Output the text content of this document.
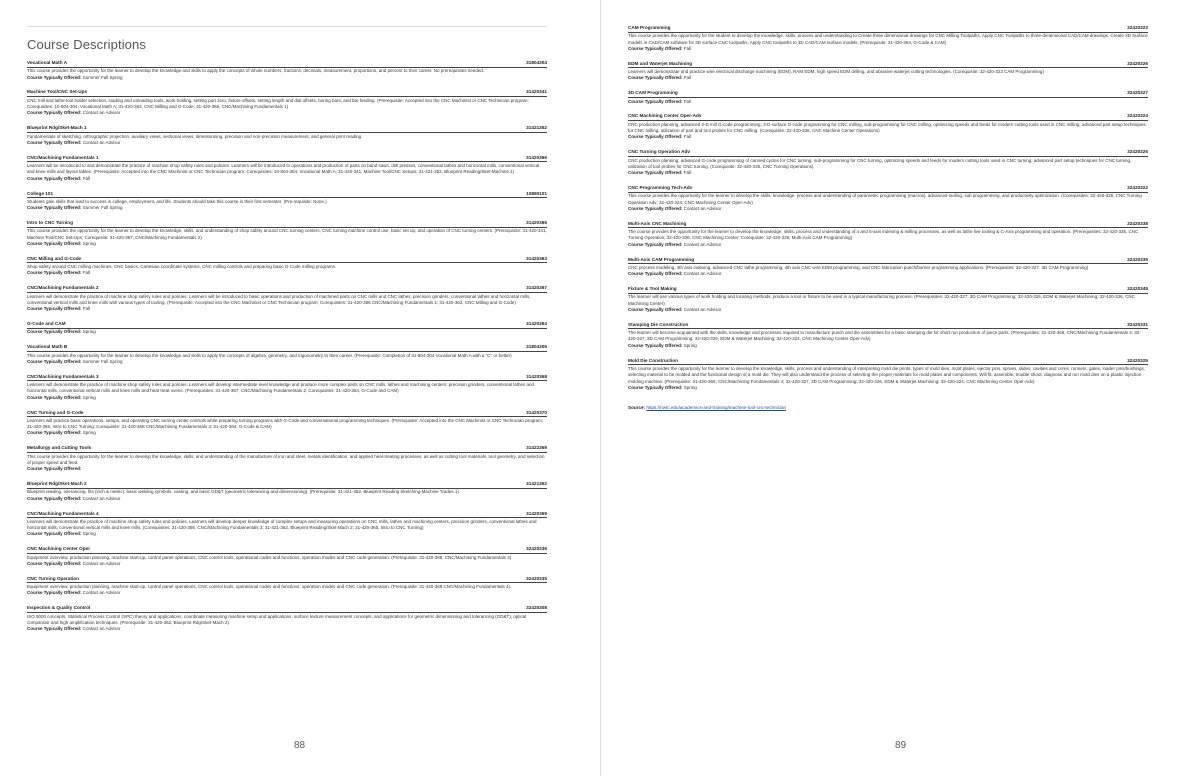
Course Descriptions
Vocational Math A	31804304
This course provides the opportunity for the learner to develop the knowledge and skills to apply the concepts of whole numbers, fractions, decimals, measurement, proportions, and percent to their career. No prerequisites needed.
Course Typically Offered: Summer Fall Spring
Machine Tool/CNC Set-Ups	31420341
CNC mill and lathe-tool holder selection, loading and unloading tools, work holding, setting part zero, fixture offsets, setting length and dial offsets, boring bars, and bar feeding. (Prerequisite: Accepted into the CNC Machinist or CNC Technician program; Corequisites: 10-804-304, Vocational Math A; 31-420-363, CNC Milling and G-Code; 31-420-366, CNC/Machining Fundamentals 1)
Course Typically Offered: Contact an Advisor
Blueprint Rdg/Sket-Mach 1	31421352
Fundamentals of sketching, orthographic projection, auxiliary views, sectional views, dimensioning, precision and non-precision measurement, and general print reading.
Course Typically Offered: Contact an Advisor
CNC/Machining Fundamentals 1	31420366
Learners will be introduced to and demonstrate the practice of machine shop safety rules and policies. Learners will be introduced to operations and production of parts on band saws, drill presses, conventional lathes and horizontal mills, conventional vertical and knee mills and layout tables. (Prerequisite: Accepted into the CNC Machinist or CNC Technician program; Corequisites: 10-804-304, Vocational Math A; 31-420-341, Machine Tool/CNC Setups; 31-421-352, Blueprint Reading/Sket-Machine 1)
Course Typically Offered: Fall
College 101	10890101
Students gain skills that lead to success in college, employment, and life. Students should take this course in their first semester. (Pre-requisite: None.)
Course Typically Offered: Summer Fall Spring
Intro to CNC Turning	31420365
This course provides the opportunity for the learner to develop the knowledge, skills, and understanding of shop safety around CNC turning centers, CNC turning machine control use, basic set up, and operation of CNC turning centers. (Prerequisite: 31-420-341, Machine Tool/CNC Set-Ups; Corequisite: 31-420-367, CNC/Machining Fundamentals 2)
Course Typically Offered: Spring
CNC Milling and G-Code	31420363
Shop safety around CNC milling machines, CNC basics, Cartesian coordinate systems, CNC milling controls and preparing basic G-Code milling programs.
Course Typically Offered: Fall
CNC/Machining Fundamentals 2	31420367
Learners will demonstrate the practice of machine shop safety rules and policies. Learners will be introduced to basic operations and production of machined parts on CNC mills and CNC lathes, precision grinders, conventional lathes and horizontal mills, conventional vertical mills and knee mills with various types of tooling. (Prerequisite: Accepted into the CNC Machinist or CNC Technician program; Corequisites: 31-420-366 CNC/Machining Fundamentals 1; 31-420-363, CNC Milling and G-Code)
Course Typically Offered: Fall
G-Code and CAM	31420364
Course Typically Offered: Spring
Vocational Math B	31804305
This course provides the opportunity for the learner to develop the knowledge and skills to apply the concepts of algebra, geometry, and trigonometry to their career. (Prerequisite: Completion of 31-804-304 Vocational Math A with a "C" or better)
Course Typically Offered: Summer Fall Spring
CNC/Machining Fundamentals 3	31420368
Learners will demonstrate the practice of machine shop safety rules and policies. Learners will develop intermediate level knowledge and produce more complex parts on CNC mills, lathes and machining centers; precision grinders, conventional lathes and horizontal mills, conventional vertical mills and knee mills and heat treat ovens. (Prerequisites: 31-420-367, CNC/Machining Fundamentals 2; Corequisites: 31-420-364, G-Code and CAM)
Course Typically Offered: Spring
CNC Turning and G-Code	31420370
Learners will practice basic operations, setups, and operating CNC turning center controls while preparing turning programs with G-Code and conversational programming techniques. (Prerequisite: Accepted into the CNC Machinist or CNC Technician program; 31-420-365, Intro to CNC Turning; Corequisite: 31-420-368 CNC/Machining Fundamentals 3; 31-420-364, G-Code & CAM)
Course Typically Offered: Spring
Metallurgy and Cutting Tools	31422359
This course provides the opportunity for the learner to develop the knowledge, skills, and understanding of the manufacture of iron and steel, metals identification, and applied heat-treating processes, as well as cutting tool materials, tool geometry, and selection of proper speed and feed.
Course Typically Offered:
Blueprint Rdg/Sket-Mach 2	31421362
Blueprint reading, tolerancing, fits (inch & metric), basic welding symbols, casting, and basic GD&T (geometric tolerancing and dimensioning). (Prerequisite: 31-421-352, Blueprint Reading Sketching-Machine Trades 1)
Course Typically Offered: Contact an Advisor
CNC/Machining Fundamentals 4	31420369
Learners will demonstrate the practice of machine shop safety rules and policies. Learners will develop deeper knowledge of complex setups and measuring operations on CNC mills, lathes and machining centers, precision grinders, conventional lathes and horizontal mills, conventional vertical mills and knee mills. (Corequisites: 31-420-368, CNC/Machining Fundamentals 3; 31-421-362, Blueprint Reading/Sket-Mach 2; 31-420-365, Intro to CNC Turning)
Course Typically Offered: Spring
CNC Machining Center Oper	32420336
Equipment overview, production planning, machine start-up, control panel operations, CNC control tools, operational codes and functions, operation modes and CNC code generation. (Prerequisite: 31-420-369, CNC/Machining Fundamentals 4)
Course Typically Offered: Contact an Advisor
CNC Turning Operation	32420335
Equipment overview, production planning, machine start-up, control panel operations, CNC control tools, operational codes and functions, operation modes and CNC code generation. (Prerequisite: 31-420-369 CNC/Machining Fundamentals 4).
Course Typically Offered: Contact an Advisor
Inspection & Quality Control	32420308
ISO 9000 concepts, Statistical Process Control (SPC) theory and applications, coordinate measuring machine setup and applications, surface texture measurement concepts, and applications for geometric dimensioning and tolerancing (GD&T), optical comparator and high amplification techniques. (Prerequisite: 31-420-362, Blueprint Rdg/Sket-Mach 2)
Course Typically Offered: Contact an Advisor
88
CAM Programming	32420323
This course provides the opportunity for the student to develop the knowledge, skills, process and understanding to Create three dimensional drawings for CNC Milling Toolpaths, Apply CNC Toolpaths to three-dimensional CAD/CAM drawings, Create 3D Surface models in CAD/CAM software for 3D surface CNC toolpaths, Apply CNC toolpaths to 3D CAD/CAM surface models. (Prerequisite: 31-420-364, G-Code & CAM)
Course Typically Offered: Fall
EDM and Waterjet Machining	32420326
Learners will demonstrate and practice wire electrical discharge machining (EDM), RAM EDM, high speed EDM drilling, and abrasive waterjet cutting technologies. (Corequisite: 32-420-323 CAM Programming)
Course Typically Offered: Fall
3D CAM Programming	32420327
Course Typically Offered: Fall
CNC Machining Center Oper-Adv	32420324
CNC production planning, advanced 2-D mill G-code programming, 3-D surface G-code programming for CNC milling, sub-programming for CNC milling, optimizing speeds and feeds for modern cutting tools used in CNC milling, advanced part setup techniques for CNC milling, utilization of part and tool probes for CNC milling. (Corequisite: 32-420-336, CNC Machine Center Operations)
Course Typically Offered: Fall
CNC Turning Operation Adv	32420325
CNC production planning, advanced G-code programming of canned cycles for CNC turning, sub-programming for CNC turning, optimizing speeds and feeds for modern cutting tools used in CNC turning, advanced part setup techniques for CNC turning, utilization of tool probes for CNC turning. (Corequisite: 32-420-335, CNC Turning Operations)
Course Typically Offered: Fall
CNC Programming Tech-Adv	32420322
This course provides the opportunity for the learner to develop the skills, knowledge, process and understanding of parametric programming (macros), advanced tooling, sub programming, and productivity optimization. (Corequisites: 32-420-325, CNC Turning Operation Adv; 32-420-324, CNC Machining Center Oper-Adv)
Course Typically Offered: Contact an Advisor
Multi-Axis CNC Machining	32420338
The course provides the opportunity for the learner to develop the knowledge, skills, process and understanding of 4 and 5-axis indexing & milling processes, as well as lathe live tooling & C-Axis programming and operation. (Prerequisites: 32-420-335, CNC Turning Operation; 32-420-336, CNC Machining Center; Corequisite: 32-420-328, Multi-Axis CAM Programming)
Course Typically Offered: Contact an Advisor
Multi-Axis CAM Programming	32420335
CNC process modeling, 4th axis indexing, advanced CNC lathe programming, 4th axis CNC wire EDM programming, and CNC fabrication punch/burner programming applications. (Prerequisites: 32-420-327, 3D CAM Programming)
Course Typically Offered: Contact an Advisor
Fixture & Tool Making	32420345
The learner will use various types of work holding and locating methods, produce a tool or fixture to be used in a typical manufacturing process. (Prerequisites: 32-420-327, 3D CAM Programming; 32-420-326, EDM & Waterjet Machining; 32-420-336, CNC Machining Center)
Course Typically Offered: Contact an Advisor
Stamping Die Construction	32420331
The learner will become acquainted with the skills, knowledge and processes required to manufacture punch and die assemblies for a basic stamping die for short run production of piece parts. (Prerequisites: 31-420-366, CNC/Machining Fundamentals 4; 32-420-327, 3D CAM Programming; 32-420-326, EDM & Waterjet Machining; 32-420-324, CNC Machining Center Oper-Adv)
Course Typically Offered: Spring
Mold Die Construction	32420325
This course provides the opportunity for the learner to develop the knowledge, skills, process and understanding of interpreting mold die prints, types of mold dies, mold plates, ejector pins, sprues, slides, cavities and cores, runners, gates, loader pins/bushings, selecting material to be molded and the functional design of a mold die. They will also understand the process of selecting the proper materials for mold plates and components. Will fit, assemble, trouble shoot, diagnose and run mold dies on a plastic injection molding machine. (Prerequisite: 31-420-366, CNC/Machining Fundamentals 4; 32-420-327, 3D CAM Programming; 32-420-326, EDM & Waterjet Machining; 32-420-324, CNC Machining Center Oper-Adv)
Course Typically Offered: Spring
Source: https://nwtc.edu/academics-and-training/machine-tool-cnc-technician
89
